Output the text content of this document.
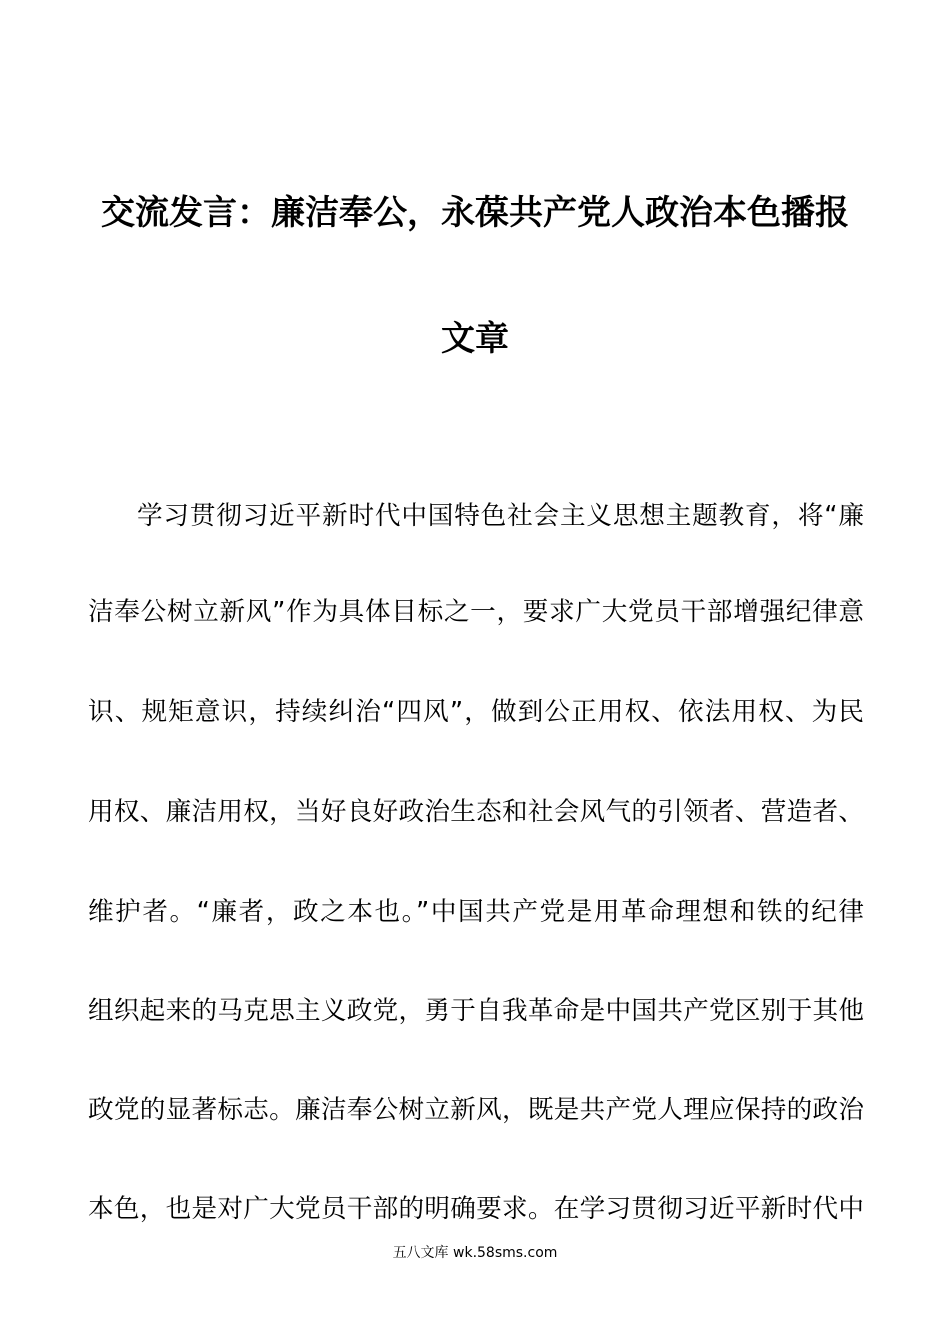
交流发言：廉洁奉公，永葆共产党人政治本色播报
文章
学习贯彻习近平新时代中国特色社会主义思想主题教育，将“廉
洁奉公树立新风”作为具体目标之一，要求广大党员干部增强纪律意
识、规矩意识，持续纠治“四风”，做到公正用权、依法用权、为民
用权、廉洁用权，当好良好政治生态和社会风气的引领者、营造者、
维护者。“廉者，政之本也。”中国共产党是用革命理想和铁的纪律
组织起来的马克思主义政党，勇于自我革命是中国共产党区别于其他
政党的显著标志。廉洁奉公树立新风，既是共产党人理应保持的政治
本色，也是对广大党员干部的明确要求。在学习贯彻习近平新时代中
五八文库 wk.58sms.com
